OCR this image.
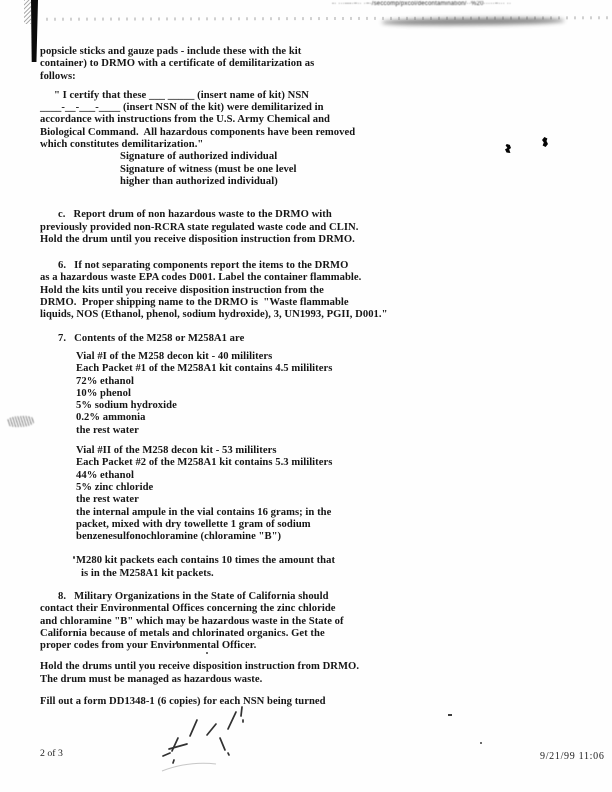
-· ···---·−·· ·−·/seccomp/pxcol/decontamination/··%20·····−··· ··
popsicle sticks and gauze pads - include these with the kit
container) to DRMO with a certificate of demilitarization as
follows:
" I certify that these ___ _____ (insert name of kit) NSN
____-__-___-____ (insert NSN of the kit) were demilitarized in
accordance with instructions from the U.S. Army Chemical and
Biological Command.  All hazardous components have been removed
which constitutes demilitarization."
Signature of authorized individual
Signature of witness (must be one level
higher than authorized individual)
c.   Report drum of non hazardous waste to the DRMO with
previously provided non-RCRA state regulated waste code and CLIN.
Hold the drum until you receive disposition instruction from DRMO.
6.   If not separating components report the items to the DRMO
as a hazardous waste EPA codes D001. Label the container flammable.
Hold the kits until you receive disposition instruction from the
DRMO.  Proper shipping name to the DRMO is  "Waste flammable
liquids, NOS (Ethanol, phenol, sodium hydroxide), 3, UN1993, PGII, D001."
7.   Contents of the M258 or M258A1 are
Vial #I of the M258 decon kit - 40 mililiters
Each Packet #1 of the M258A1 kit contains 4.5 mililiters
72% ethanol
10% phenol
5% sodium hydroxide
0.2% ammonia
the rest water
Vial #II of the M258 decon kit - 53 mililiters
Each Packet #2 of the M258A1 kit contains 5.3 mililiters
44% ethanol
5% zinc chloride
the rest water
the internal ampule in the vial contains 16 grams; in the
packet, mixed with dry towellette 1 gram of sodium
benzenesulfonochloramine (chloramine "B")
M280 kit packets each contains 10 times the amount that
is in the M258A1 kit packets.
8.   Military Organizations in the State of California should
contact their Environmental Offices concerning the zinc chloride
and chloramine "B" which may be hazardous waste in the State of
California because of metals and chlorinated organics. Get the
proper codes from your Environmental Officer.
Hold the drums until you receive disposition instruction from DRMO.
The drum must be managed as hazardous waste.
Fill out a form DD1348-1 (6 copies) for each NSN being turned
2 of 3	9/21/99 11:06
